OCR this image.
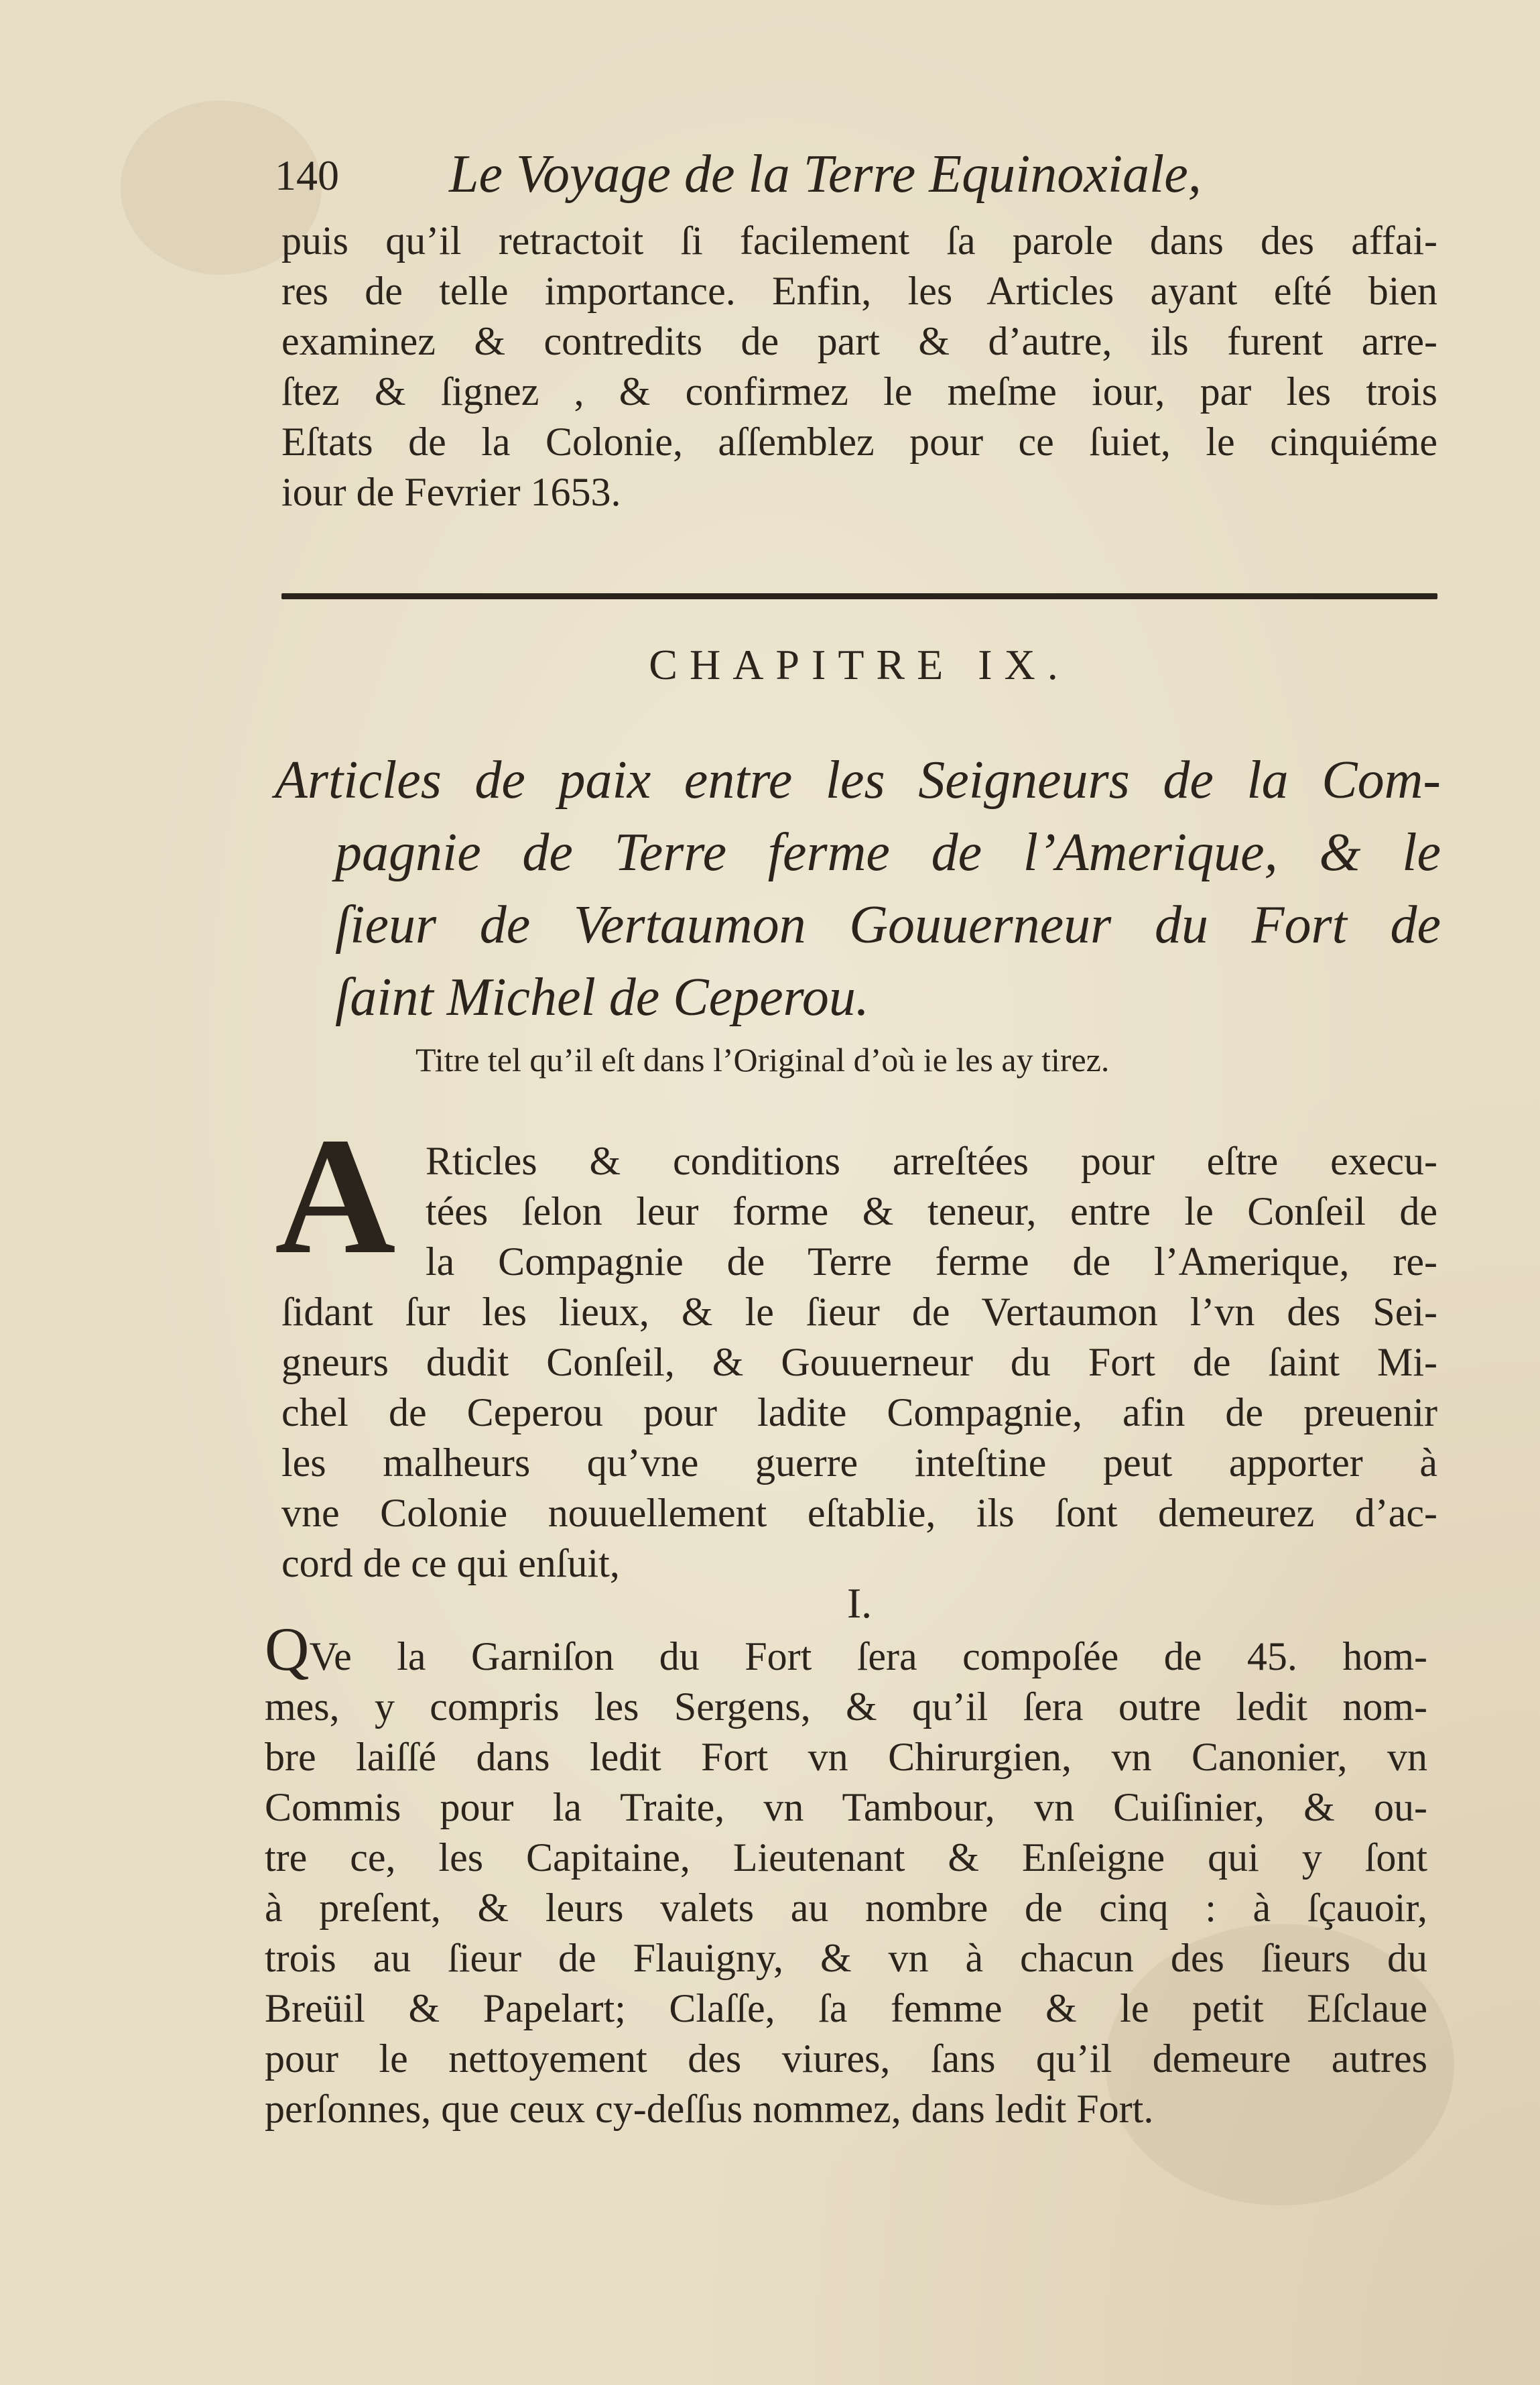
140 Le Voyage de la Terre Equinoxiale,
puis qu’il retractoit ſi facilement ſa parole dans des affai-
res de telle importance. Enfin, les Articles ayant eſté bien
examinez & contredits de part & d’autre, ils furent arre-
ſtez & ſignez , & confirmez le meſme iour, par les trois
Eſtats de la Colonie, aſſemblez pour ce ſuiet, le cinquiéme
iour de Fevrier 1653.
CHAPITRE IX.
Articles de paix entre les Seigneurs de la Com-
pagnie de Terre ferme de l’Amerique, & le
ſieur de Vertaumon Gouuerneur du Fort de
ſaint Michel de Ceperou.
Titre tel qu’il eſt dans l’Original d’où ie les ay tirez.
A Rticles & conditions arreſtées pour eſtre execu-
tées ſelon leur forme & teneur, entre le Conſeil de
la Compagnie de Terre ferme de l’Amerique, re-
ſidant ſur les lieux, & le ſieur de Vertaumon l’vn des Sei-
gneurs dudit Conſeil, & Gouuerneur du Fort de ſaint Mi-
chel de Ceperou pour ladite Compagnie, afin de preuenir
les malheurs qu’vne guerre inteſtine peut apporter à
vne Colonie nouuellement eſtablie, ils ſont demeurez d’ac-
cord de ce qui enſuit,
I.
QVe la Garniſon du Fort ſera compoſée de 45. hom-
mes, y compris les Sergens, & qu’il ſera outre ledit nom-
bre laiſſé dans ledit Fort vn Chirurgien, vn Canonier, vn
Commis pour la Traite, vn Tambour, vn Cuiſinier, & ou-
tre ce, les Capitaine, Lieutenant & Enſeigne qui y ſont
à preſent, & leurs valets au nombre de cinq : à ſçauoir,
trois au ſieur de Flauigny, & vn à chacun des ſieurs du
Breüil & Papelart; Claſſe, ſa femme & le petit Eſclaue
pour le nettoyement des viures, ſans qu’il demeure autres
perſonnes, que ceux cy-deſſus nommez, dans ledit Fort.
